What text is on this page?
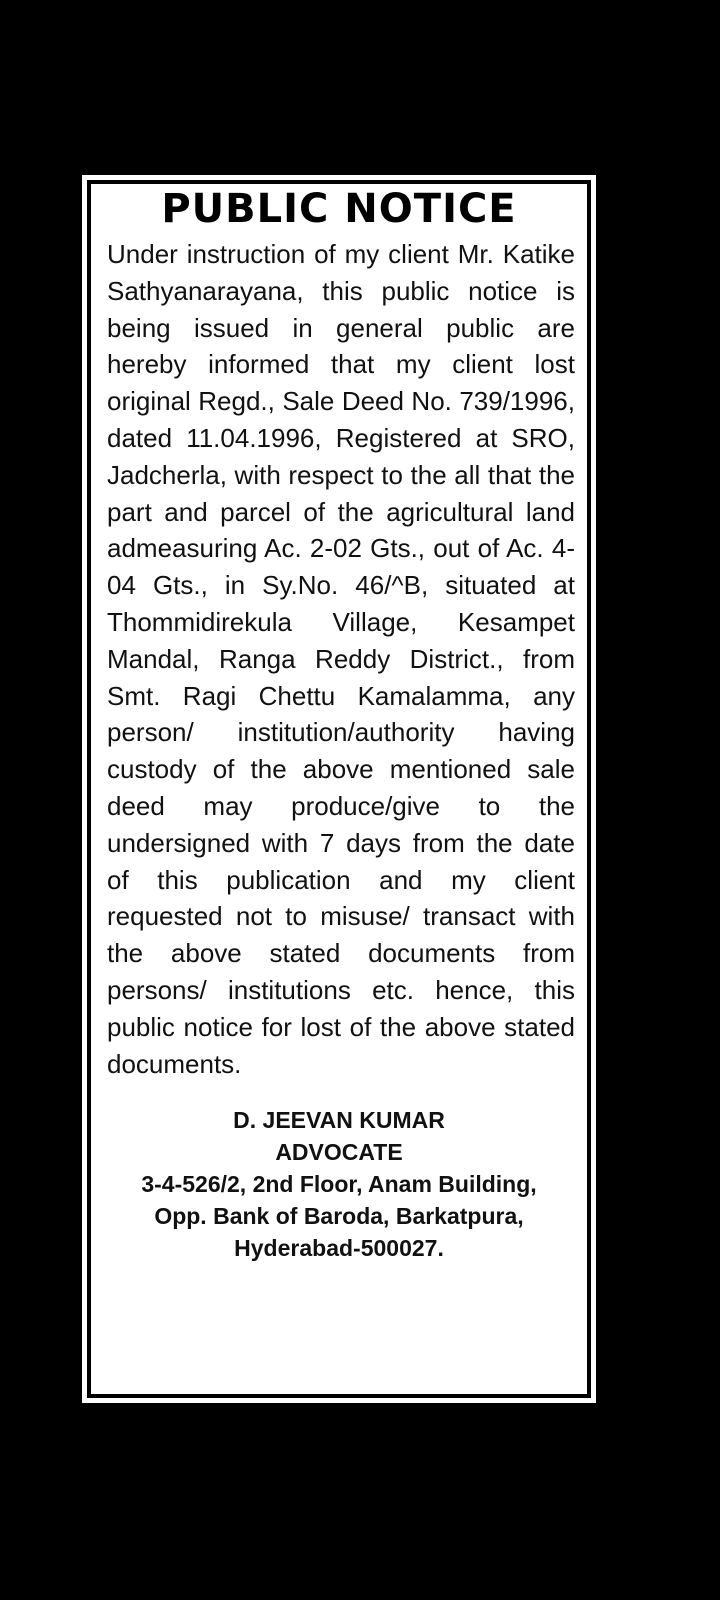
PUBLIC NOTICE

Under instruction of my client Mr. Katike Sathyanarayana, this public notice is being issued in general public are hereby informed that my client lost original Regd., Sale Deed No. 739/1996, dated 11.04.1996, Registered at SRO, Jadcherla, with respect to the all that the part and parcel of the agricultural land admeasuring Ac. 2-02 Gts., out of Ac. 4-04 Gts., in Sy.No. 46/^B, situated at Thommidirekula Village, Kesampet Mandal, Ranga Reddy District., from Smt. Ragi Chettu Kamalamma, any person/ institution/authority having custody of the above mentioned sale deed may produce/give to the undersigned with 7 days from the date of this publication and my client requested not to misuse/ transact with the above stated documents from persons/ institutions etc. hence, this public notice for lost of the above stated documents.

D. JEEVAN KUMAR
ADVOCATE
3-4-526/2, 2nd Floor, Anam Building,
Opp. Bank of Baroda, Barkatpura,
Hyderabad-500027.
